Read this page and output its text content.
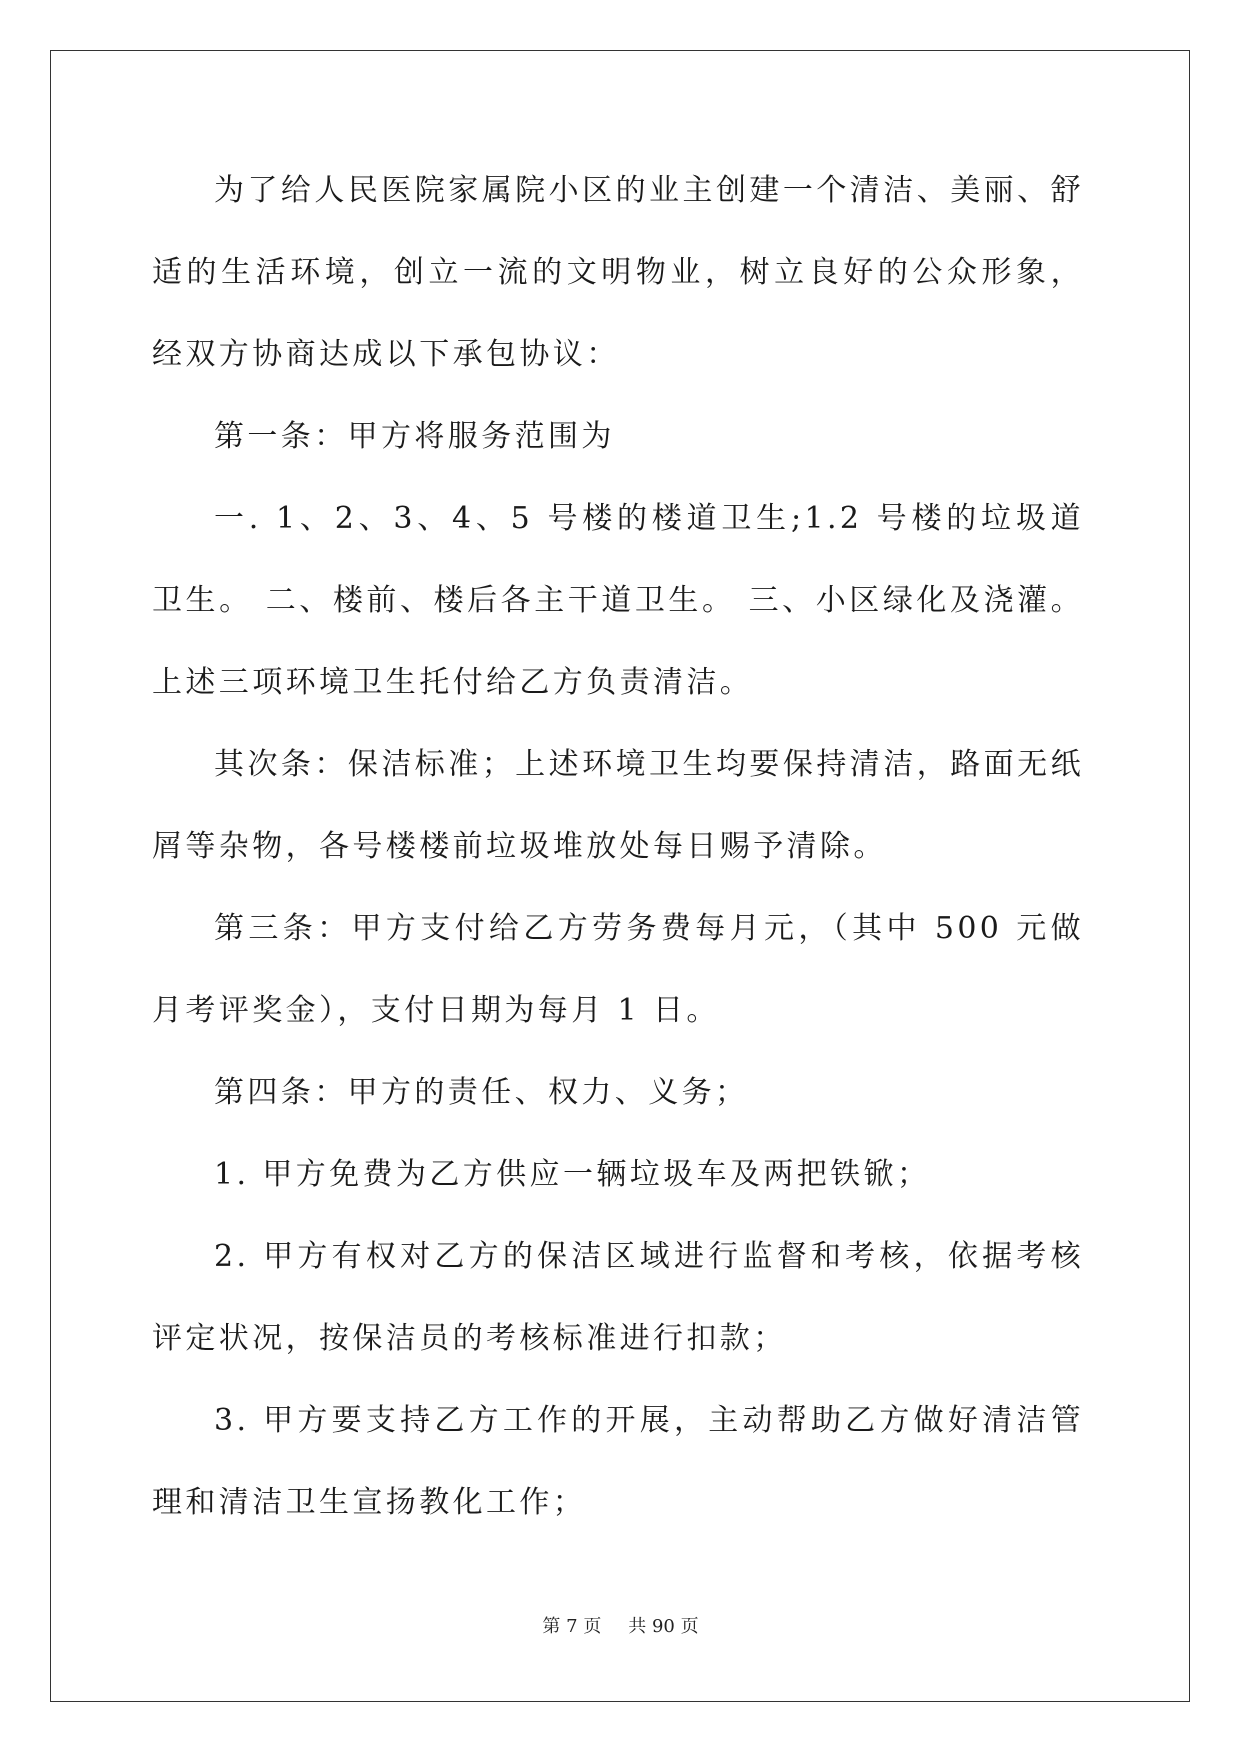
为了给人民医院家属院小区的业主创建一个清洁、美丽、舒适的生活环境，创立一流的文明物业，树立良好的公众形象，经双方协商达成以下承包协议：

第一条：甲方将服务范围为

一. 1、2、3、4、5 号楼的楼道卫生;1.2 号楼的垃圾道卫生。 二、楼前、楼后各主干道卫生。 三、小区绿化及浇灌。 上述三项环境卫生托付给乙方负责清洁。

其次条：保洁标准；上述环境卫生均要保持清洁，路面无纸屑等杂物，各号楼楼前垃圾堆放处每日赐予清除。

第三条：甲方支付给乙方劳务费每月元，（其中 500 元做月考评奖金），支付日期为每月 1 日。

第四条：甲方的责任、权力、义务；

1. 甲方免费为乙方供应一辆垃圾车及两把铁锨；

2. 甲方有权对乙方的保洁区域进行监督和考核，依据考核评定状况，按保洁员的考核标准进行扣款；

3. 甲方要支持乙方工作的开展，主动帮助乙方做好清洁管理和清洁卫生宣扬教化工作；

第 7 页 共 90 页
